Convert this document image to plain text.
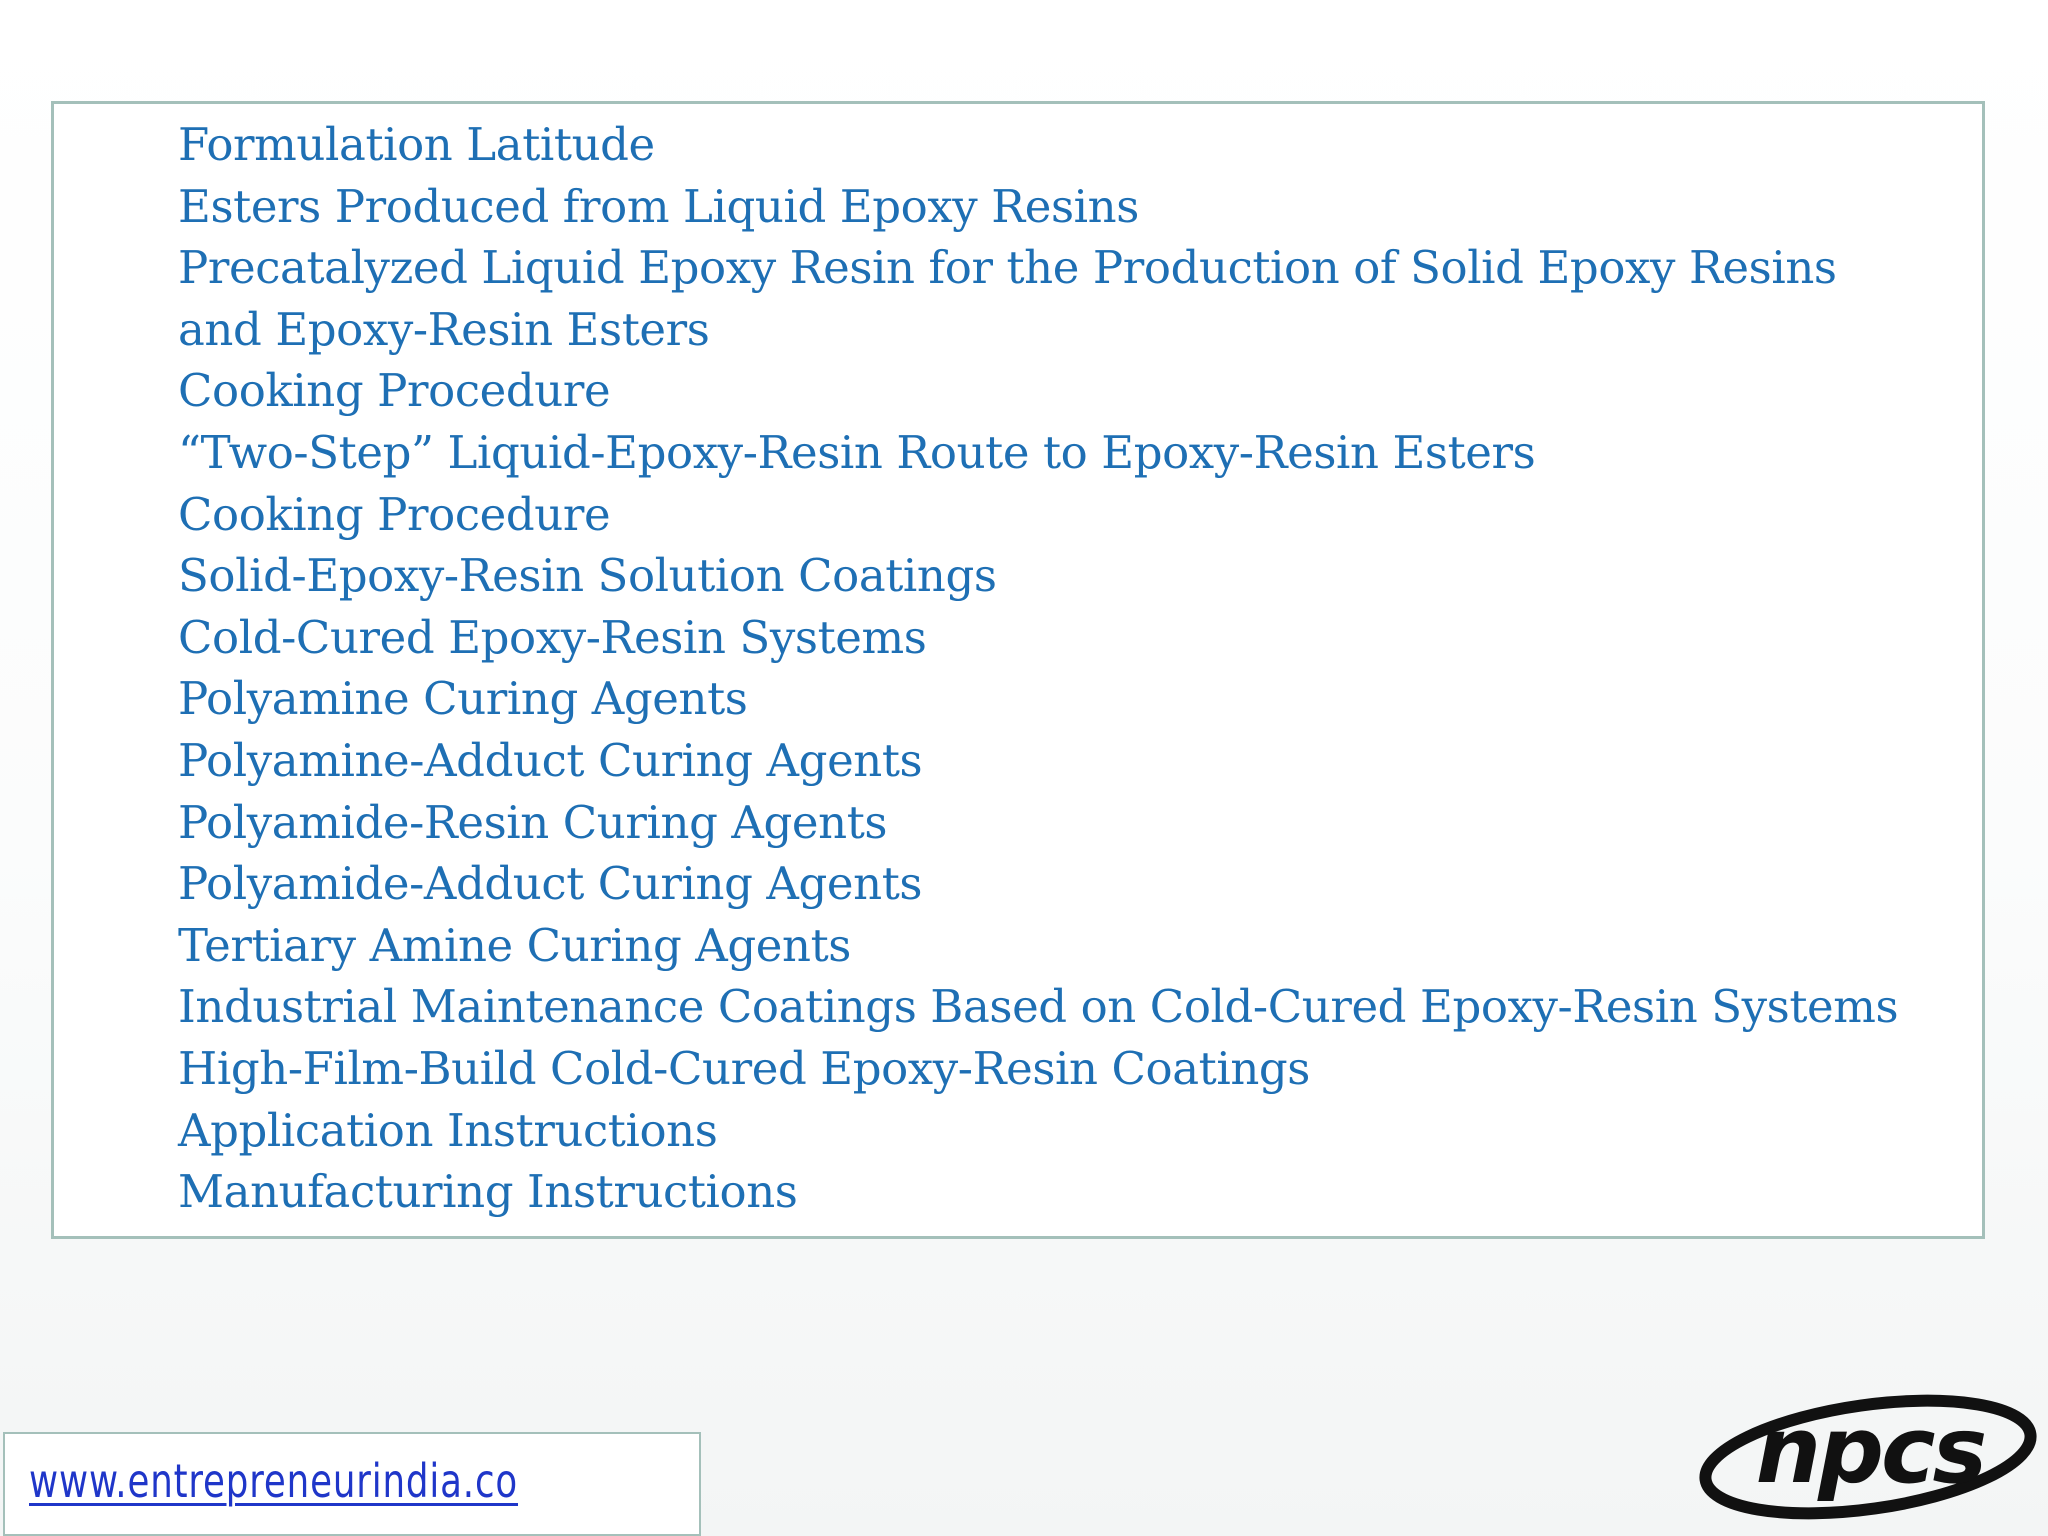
Formulation Latitude
Esters Produced from Liquid Epoxy Resins
Precatalyzed Liquid Epoxy Resin for the Production of Solid Epoxy Resins
and Epoxy-Resin Esters
Cooking Procedure
“Two-Step” Liquid-Epoxy-Resin Route to Epoxy-Resin Esters
Cooking Procedure
Solid-Epoxy-Resin Solution Coatings
Cold-Cured Epoxy-Resin Systems
Polyamine Curing Agents
Polyamine-Adduct Curing Agents
Polyamide-Resin Curing Agents
Polyamide-Adduct Curing Agents
Tertiary Amine Curing Agents
Industrial Maintenance Coatings Based on Cold-Cured Epoxy-Resin Systems
High-Film-Build Cold-Cured Epoxy-Resin Coatings
Application Instructions
Manufacturing Instructions
www.entrepreneurindia.co	npcs
